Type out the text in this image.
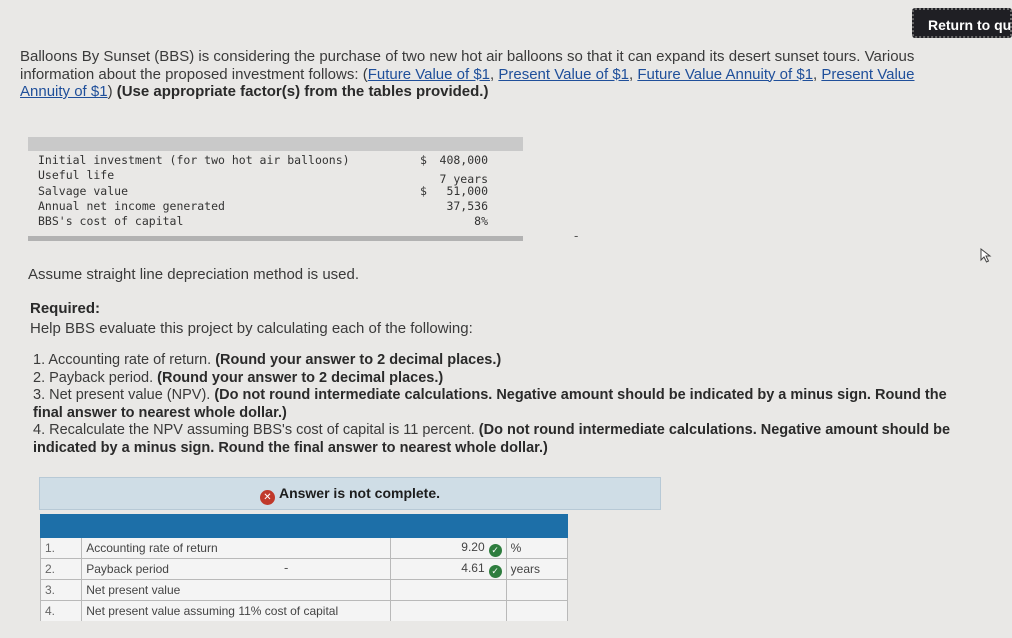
Return to qu
Balloons By Sunset (BBS) is considering the purchase of two new hot air balloons so that it can expand its desert sunset tours. Various information about the proposed investment follows: (Future Value of $1, Present Value of $1, Future Value Annuity of $1, Present Value Annuity of $1) (Use appropriate factor(s) from the tables provided.)
Initial investment (for two hot air balloons)	$ 408,000
Useful life	7 years
Salvage value	$ 51,000
Annual net income generated	37,536
BBS's cost of capital	8%
-
Assume straight line depreciation method is used.
Required:
Help BBS evaluate this project by calculating each of the following:
1. Accounting rate of return. (Round your answer to 2 decimal places.)
2. Payback period. (Round your answer to 2 decimal places.)
3. Net present value (NPV). (Do not round intermediate calculations. Negative amount should be indicated by a minus sign. Round the final answer to nearest whole dollar.)
4. Recalculate the NPV assuming BBS's cost of capital is 11 percent. (Do not round intermediate calculations. Negative amount should be indicated by a minus sign. Round the final answer to nearest whole dollar.)
✕ Answer is not complete.

1.	Accounting rate of return	9.20 ✓	%
2.	Payback period	4.61 ✓	years
3.	Net present value		
4.	Net present value assuming 11% cost of capital		
-
